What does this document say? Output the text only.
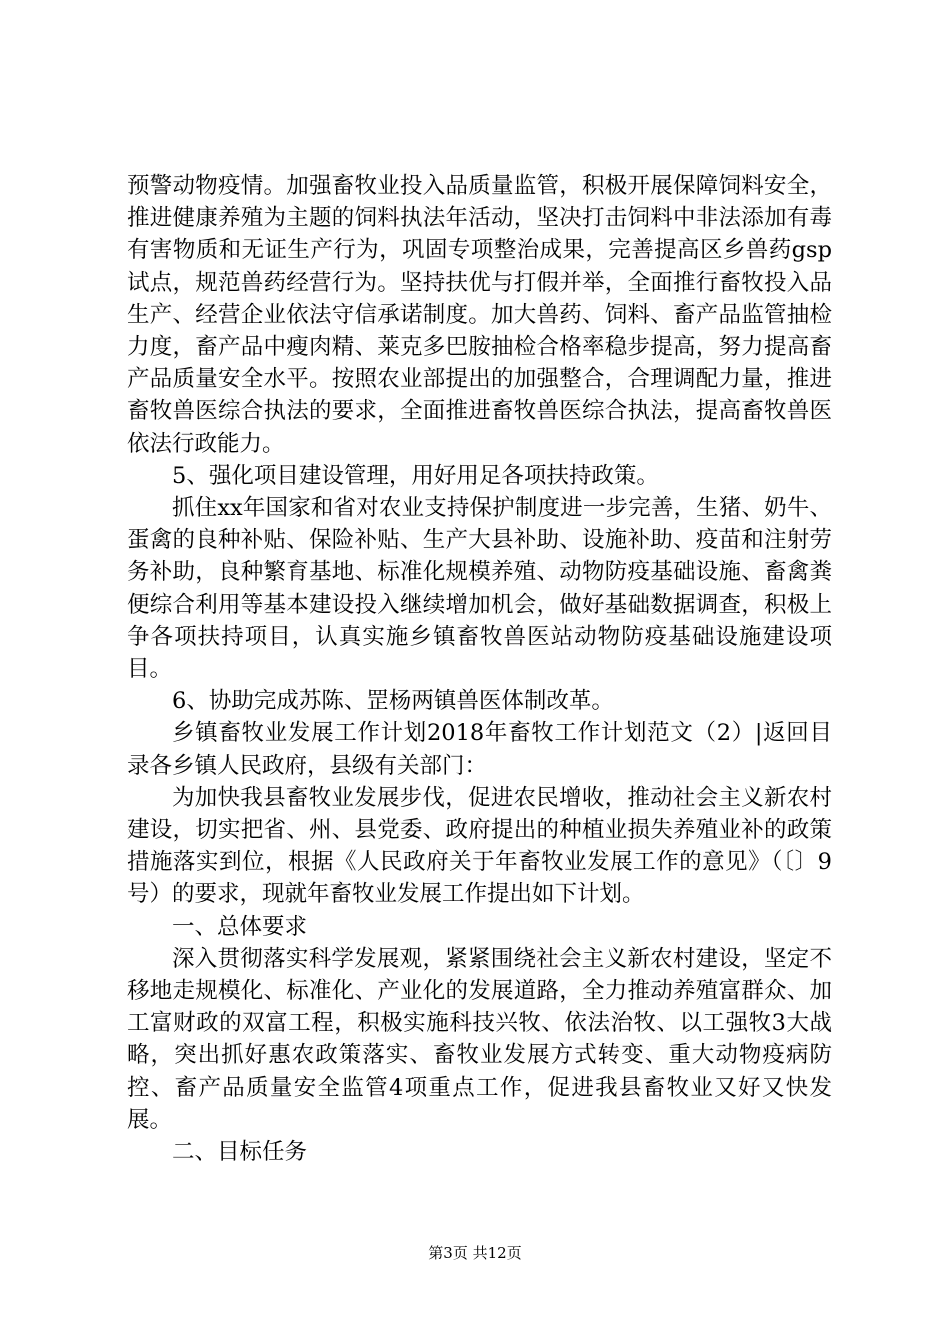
预警动物疫情。加强畜牧业投入品质量监管，积极开展保障饲料安全，推进健康养殖为主题的饲料执法年活动，坚决打击饲料中非法添加有毒有害物质和无证生产行为，巩固专项整治成果，完善提高区乡兽药gsp试点，规范兽药经营行为。坚持扶优与打假并举，全面推行畜牧投入品生产、经营企业依法守信承诺制度。加大兽药、饲料、畜产品监管抽检力度，畜产品中瘦肉精、莱克多巴胺抽检合格率稳步提高，努力提高畜产品质量安全水平。按照农业部提出的加强整合，合理调配力量，推进畜牧兽医综合执法的要求，全面推进畜牧兽医综合执法，提高畜牧兽医依法行政能力。

5、强化项目建设管理，用好用足各项扶持政策。

抓住xx年国家和省对农业支持保护制度进一步完善，生猪、奶牛、蛋禽的良种补贴、保险补贴、生产大县补助、设施补助、疫苗和注射劳务补助，良种繁育基地、标准化规模养殖、动物防疫基础设施、畜禽粪便综合利用等基本建设投入继续增加机会，做好基础数据调查，积极上争各项扶持项目，认真实施乡镇畜牧兽医站动物防疫基础设施建设项目。

6、协助完成苏陈、罡杨两镇兽医体制改革。

乡镇畜牧业发展工作计划2018年畜牧工作计划范文（2）|返回目录各乡镇人民政府，县级有关部门：

为加快我县畜牧业发展步伐，促进农民增收，推动社会主义新农村建设，切实把省、州、县党委、政府提出的种植业损失养殖业补的政策措施落实到位，根据《人民政府关于年畜牧业发展工作的意见》（〔〕9号）的要求，现就年畜牧业发展工作提出如下计划。

一、总体要求

深入贯彻落实科学发展观，紧紧围绕社会主义新农村建设，坚定不移地走规模化、标准化、产业化的发展道路，全力推动养殖富群众、加工富财政的双富工程，积极实施科技兴牧、依法治牧、以工强牧3大战略，突出抓好惠农政策落实、畜牧业发展方式转变、重大动物疫病防控、畜产品质量安全监管4项重点工作，促进我县畜牧业又好又快发展。

二、目标任务

第3页 共12页
